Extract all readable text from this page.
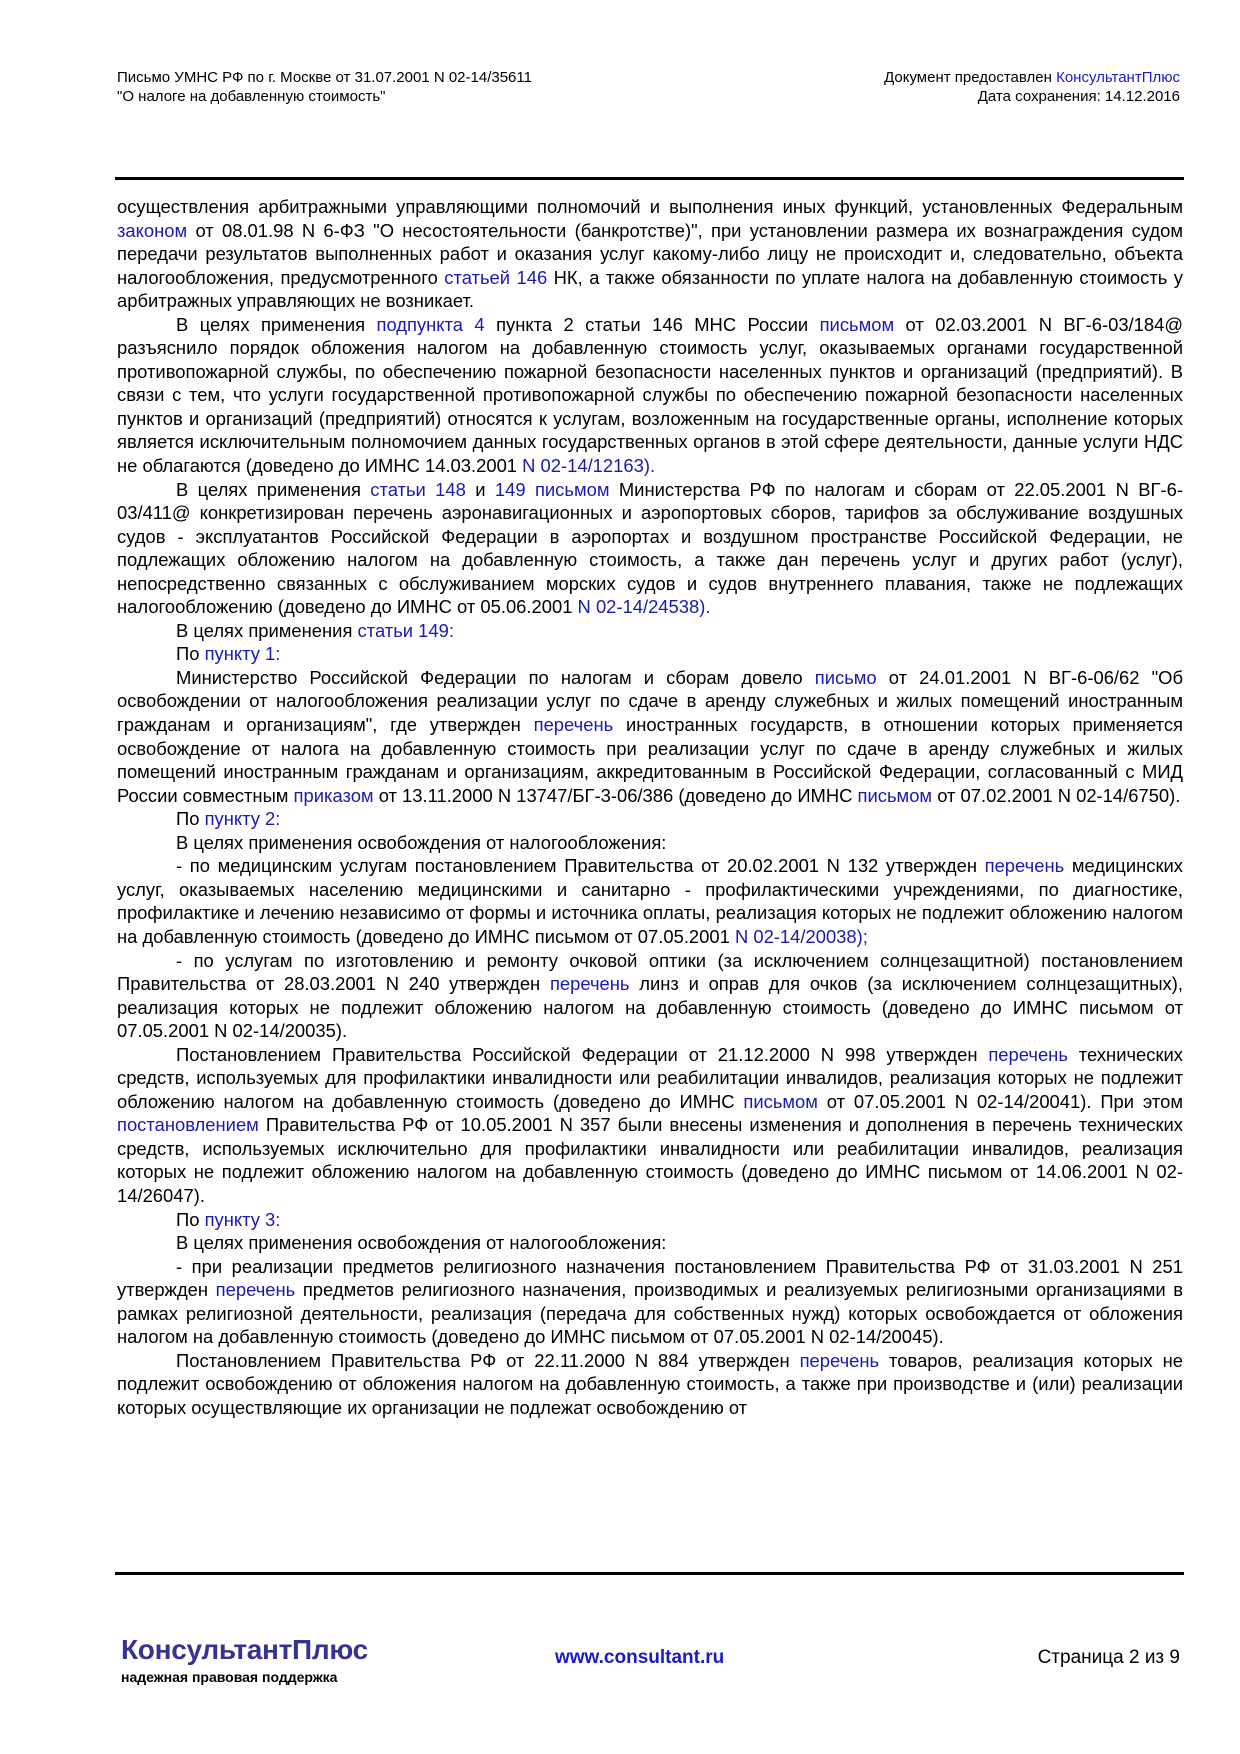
Письмо УМНС РФ по г. Москве от 31.07.2001 N 02-14/35611
"О налоге на добавленную стоимость"
Документ предоставлен КонсультантПлюс
Дата сохранения: 14.12.2016

осуществления арбитражными управляющими полномочий и выполнения иных функций, установленных Федеральным законом от 08.01.98 N 6-ФЗ "О несостоятельности (банкротстве)", при установлении размера их вознаграждения судом передачи результатов выполненных работ и оказания услуг какому-либо лицу не происходит и, следовательно, объекта налогообложения, предусмотренного статьей 146 НК, а также обязанности по уплате налога на добавленную стоимость у арбитражных управляющих не возникает.

В целях применения подпункта 4 пункта 2 статьи 146 МНС России письмом от 02.03.2001 N ВГ-6-03/184@ разъяснило порядок обложения налогом на добавленную стоимость услуг, оказываемых органами государственной противопожарной службы, по обеспечению пожарной безопасности населенных пунктов и организаций (предприятий). В связи с тем, что услуги государственной противопожарной службы по обеспечению пожарной безопасности населенных пунктов и организаций (предприятий) относятся к услугам, возложенным на государственные органы, исполнение которых является исключительным полномочием данных государственных органов в этой сфере деятельности, данные услуги НДС не облагаются (доведено до ИМНС 14.03.2001 N 02-14/12163).

В целях применения статьи 148 и 149 письмом Министерства РФ по налогам и сборам от 22.05.2001 N ВГ-6-03/411@ конкретизирован перечень аэронавигационных и аэропортовых сборов, тарифов за обслуживание воздушных судов - эксплуатантов Российской Федерации в аэропортах и воздушном пространстве Российской Федерации, не подлежащих обложению налогом на добавленную стоимость, а также дан перечень услуг и других работ (услуг), непосредственно связанных с обслуживанием морских судов и судов внутреннего плавания, также не подлежащих налогообложению (доведено до ИМНС от 05.06.2001 N 02-14/24538).

В целях применения статьи 149:

По пункту 1:

Министерство Российской Федерации по налогам и сборам довело письмо от 24.01.2001 N ВГ-6-06/62 "Об освобождении от налогообложения реализации услуг по сдаче в аренду служебных и жилых помещений иностранным гражданам и организациям", где утвержден перечень иностранных государств, в отношении которых применяется освобождение от налога на добавленную стоимость при реализации услуг по сдаче в аренду служебных и жилых помещений иностранным гражданам и организациям, аккредитованным в Российской Федерации, согласованный с МИД России совместным приказом от 13.11.2000 N 13747/БГ-3-06/386 (доведено до ИМНС письмом от 07.02.2001 N 02-14/6750).

По пункту 2:

В целях применения освобождения от налогообложения:

- по медицинским услугам постановлением Правительства от 20.02.2001 N 132 утвержден перечень медицинских услуг, оказываемых населению медицинскими и санитарно - профилактическими учреждениями, по диагностике, профилактике и лечению независимо от формы и источника оплаты, реализация которых не подлежит обложению налогом на добавленную стоимость (доведено до ИМНС письмом от 07.05.2001 N 02-14/20038);

- по услугам по изготовлению и ремонту очковой оптики (за исключением солнцезащитной) постановлением Правительства от 28.03.2001 N 240 утвержден перечень линз и оправ для очков (за исключением солнцезащитных), реализация которых не подлежит обложению налогом на добавленную стоимость (доведено до ИМНС письмом от 07.05.2001 N 02-14/20035).

Постановлением Правительства Российской Федерации от 21.12.2000 N 998 утвержден перечень технических средств, используемых для профилактики инвалидности или реабилитации инвалидов, реализация которых не подлежит обложению налогом на добавленную стоимость (доведено до ИМНС письмом от 07.05.2001 N 02-14/20041). При этом постановлением Правительства РФ от 10.05.2001 N 357 были внесены изменения и дополнения в перечень технических средств, используемых исключительно для профилактики инвалидности или реабилитации инвалидов, реализация которых не подлежит обложению налогом на добавленную стоимость (доведено до ИМНС письмом от 14.06.2001 N 02-14/26047).

По пункту 3:

В целях применения освобождения от налогообложения:

- при реализации предметов религиозного назначения постановлением Правительства РФ от 31.03.2001 N 251 утвержден перечень предметов религиозного назначения, производимых и реализуемых религиозными организациями в рамках религиозной деятельности, реализация (передача для собственных нужд) которых освобождается от обложения налогом на добавленную стоимость (доведено до ИМНС письмом от 07.05.2001 N 02-14/20045).

Постановлением Правительства РФ от 22.11.2000 N 884 утвержден перечень товаров, реализация которых не подлежит освобождению от обложения налогом на добавленную стоимость, а также при производстве и (или) реализации которых осуществляющие их организации не подлежат освобождению от

КонсультантПлюс
надежная правовая поддержка
www.consultant.ru	Страница 2 из 9
